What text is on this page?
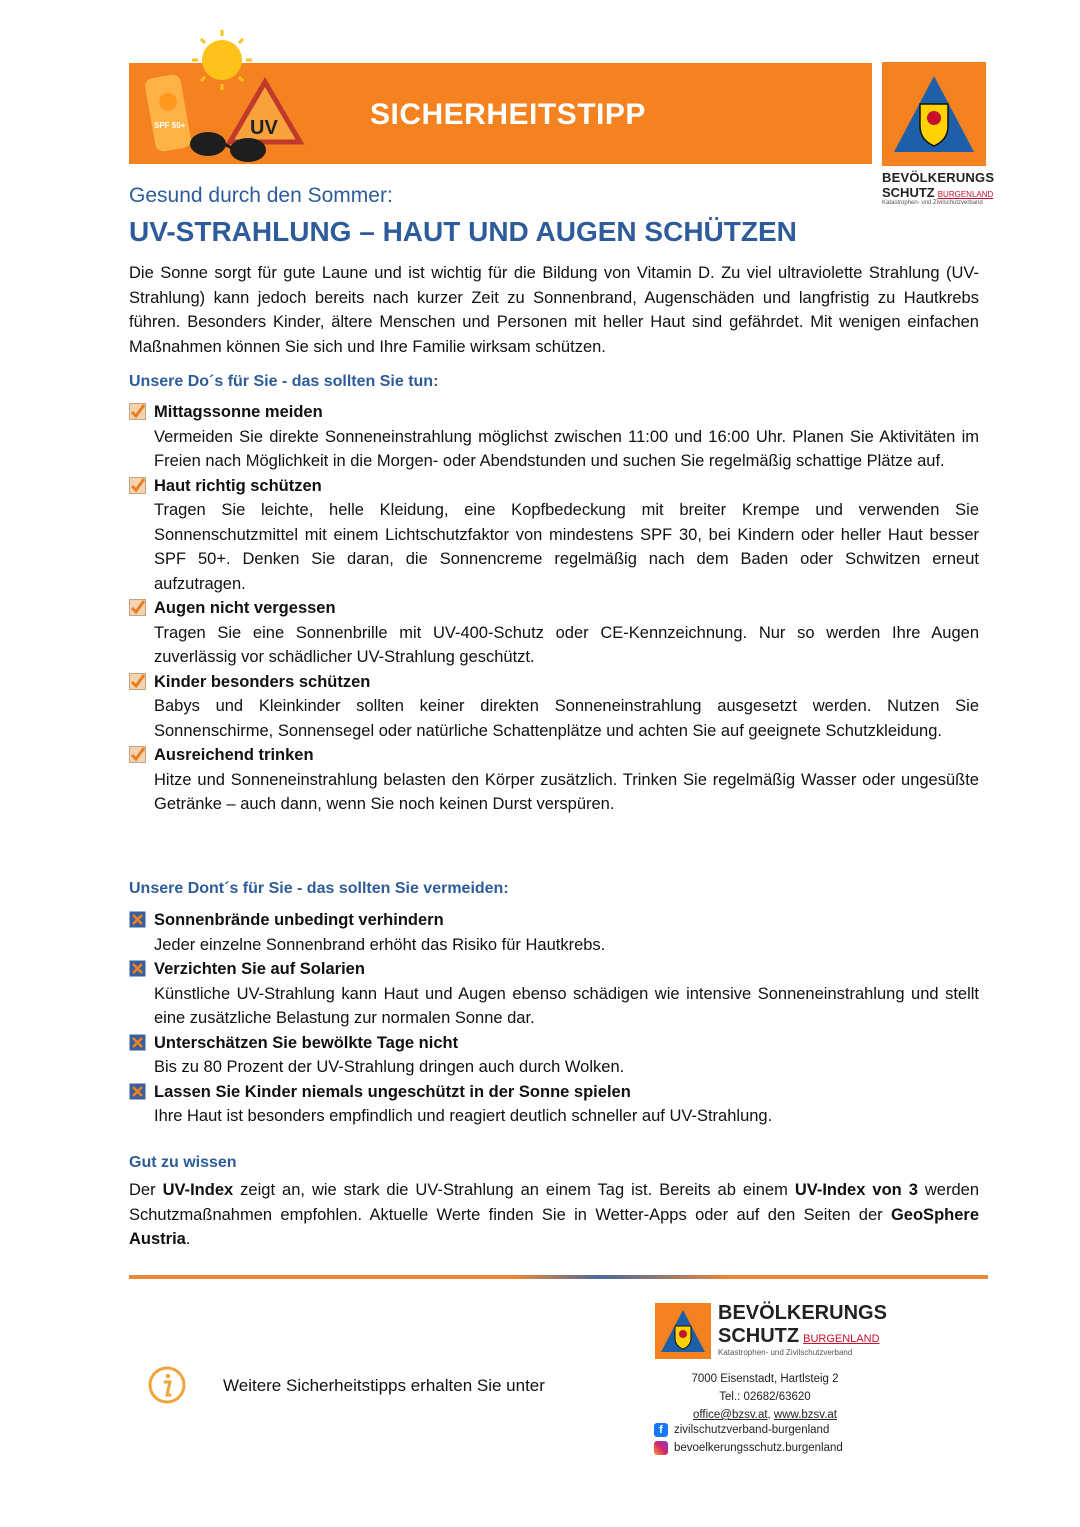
SPF 50+	UV	SICHERHEITSTIPP
BEVÖLKERUNGS
SCHUTZ BURGENLAND
Katastrophen- und Zivilschutzverband
Gesund durch den Sommer:
UV-STRAHLUNG – HAUT UND AUGEN SCHÜTZEN
Die Sonne sorgt für gute Laune und ist wichtig für die Bildung von Vitamin D. Zu viel ultraviolette Strahlung (UV-Strahlung) kann jedoch bereits nach kurzer Zeit zu Sonnenbrand, Augenschäden und langfristig zu Hautkrebs führen. Besonders Kinder, ältere Menschen und Personen mit heller Haut sind gefährdet. Mit wenigen einfachen Maßnahmen können Sie sich und Ihre Familie wirksam schützen.
Unsere Do´s für Sie - das sollten Sie tun:
Mittagssonne meiden
Vermeiden Sie direkte Sonneneinstrahlung möglichst zwischen 11:00 und 16:00 Uhr. Planen Sie Aktivitäten im Freien nach Möglichkeit in die Morgen- oder Abendstunden und suchen Sie regelmäßig schattige Plätze auf.
Haut richtig schützen
Tragen Sie leichte, helle Kleidung, eine Kopfbedeckung mit breiter Krempe und verwenden Sie Sonnenschutzmittel mit einem Lichtschutzfaktor von mindestens SPF 30, bei Kindern oder heller Haut besser SPF 50+. Denken Sie daran, die Sonnencreme regelmäßig nach dem Baden oder Schwitzen erneut aufzutragen.
Augen nicht vergessen
Tragen Sie eine Sonnenbrille mit UV-400-Schutz oder CE-Kennzeichnung. Nur so werden Ihre Augen zuverlässig vor schädlicher UV-Strahlung geschützt.
Kinder besonders schützen
Babys und Kleinkinder sollten keiner direkten Sonneneinstrahlung ausgesetzt werden. Nutzen Sie Sonnenschirme, Sonnensegel oder natürliche Schattenplätze und achten Sie auf geeignete Schutzkleidung.
Ausreichend trinken
Hitze und Sonneneinstrahlung belasten den Körper zusätzlich. Trinken Sie regelmäßig Wasser oder ungesüßte Getränke – auch dann, wenn Sie noch keinen Durst verspüren.
Unsere Dont´s für Sie - das sollten Sie vermeiden:
Sonnenbrände unbedingt verhindern
Jeder einzelne Sonnenbrand erhöht das Risiko für Hautkrebs.
Verzichten Sie auf Solarien
Künstliche UV-Strahlung kann Haut und Augen ebenso schädigen wie intensive Sonneneinstrahlung und stellt eine zusätzliche Belastung zur normalen Sonne dar.
Unterschätzen Sie bewölkte Tage nicht
Bis zu 80 Prozent der UV-Strahlung dringen auch durch Wolken.
Lassen Sie Kinder niemals ungeschützt in der Sonne spielen
Ihre Haut ist besonders empfindlich und reagiert deutlich schneller auf UV-Strahlung.
Gut zu wissen
Der UV-Index zeigt an, wie stark die UV-Strahlung an einem Tag ist. Bereits ab einem UV-Index von 3 werden Schutzmaßnahmen empfohlen. Aktuelle Werte finden Sie in Wetter-Apps oder auf den Seiten der GeoSphere Austria.
Weitere Sicherheitstipps erhalten Sie unter
BEVÖLKERUNGS
SCHUTZ BURGENLAND
Katastrophen- und Zivilschutzverband
7000 Eisenstadt, Hartlsteig 2
Tel.: 02682/63620
office@bzsv.at, www.bzsv.at
f zivilschutzverband-burgenland
bevoelkerungsschutz.burgenland
